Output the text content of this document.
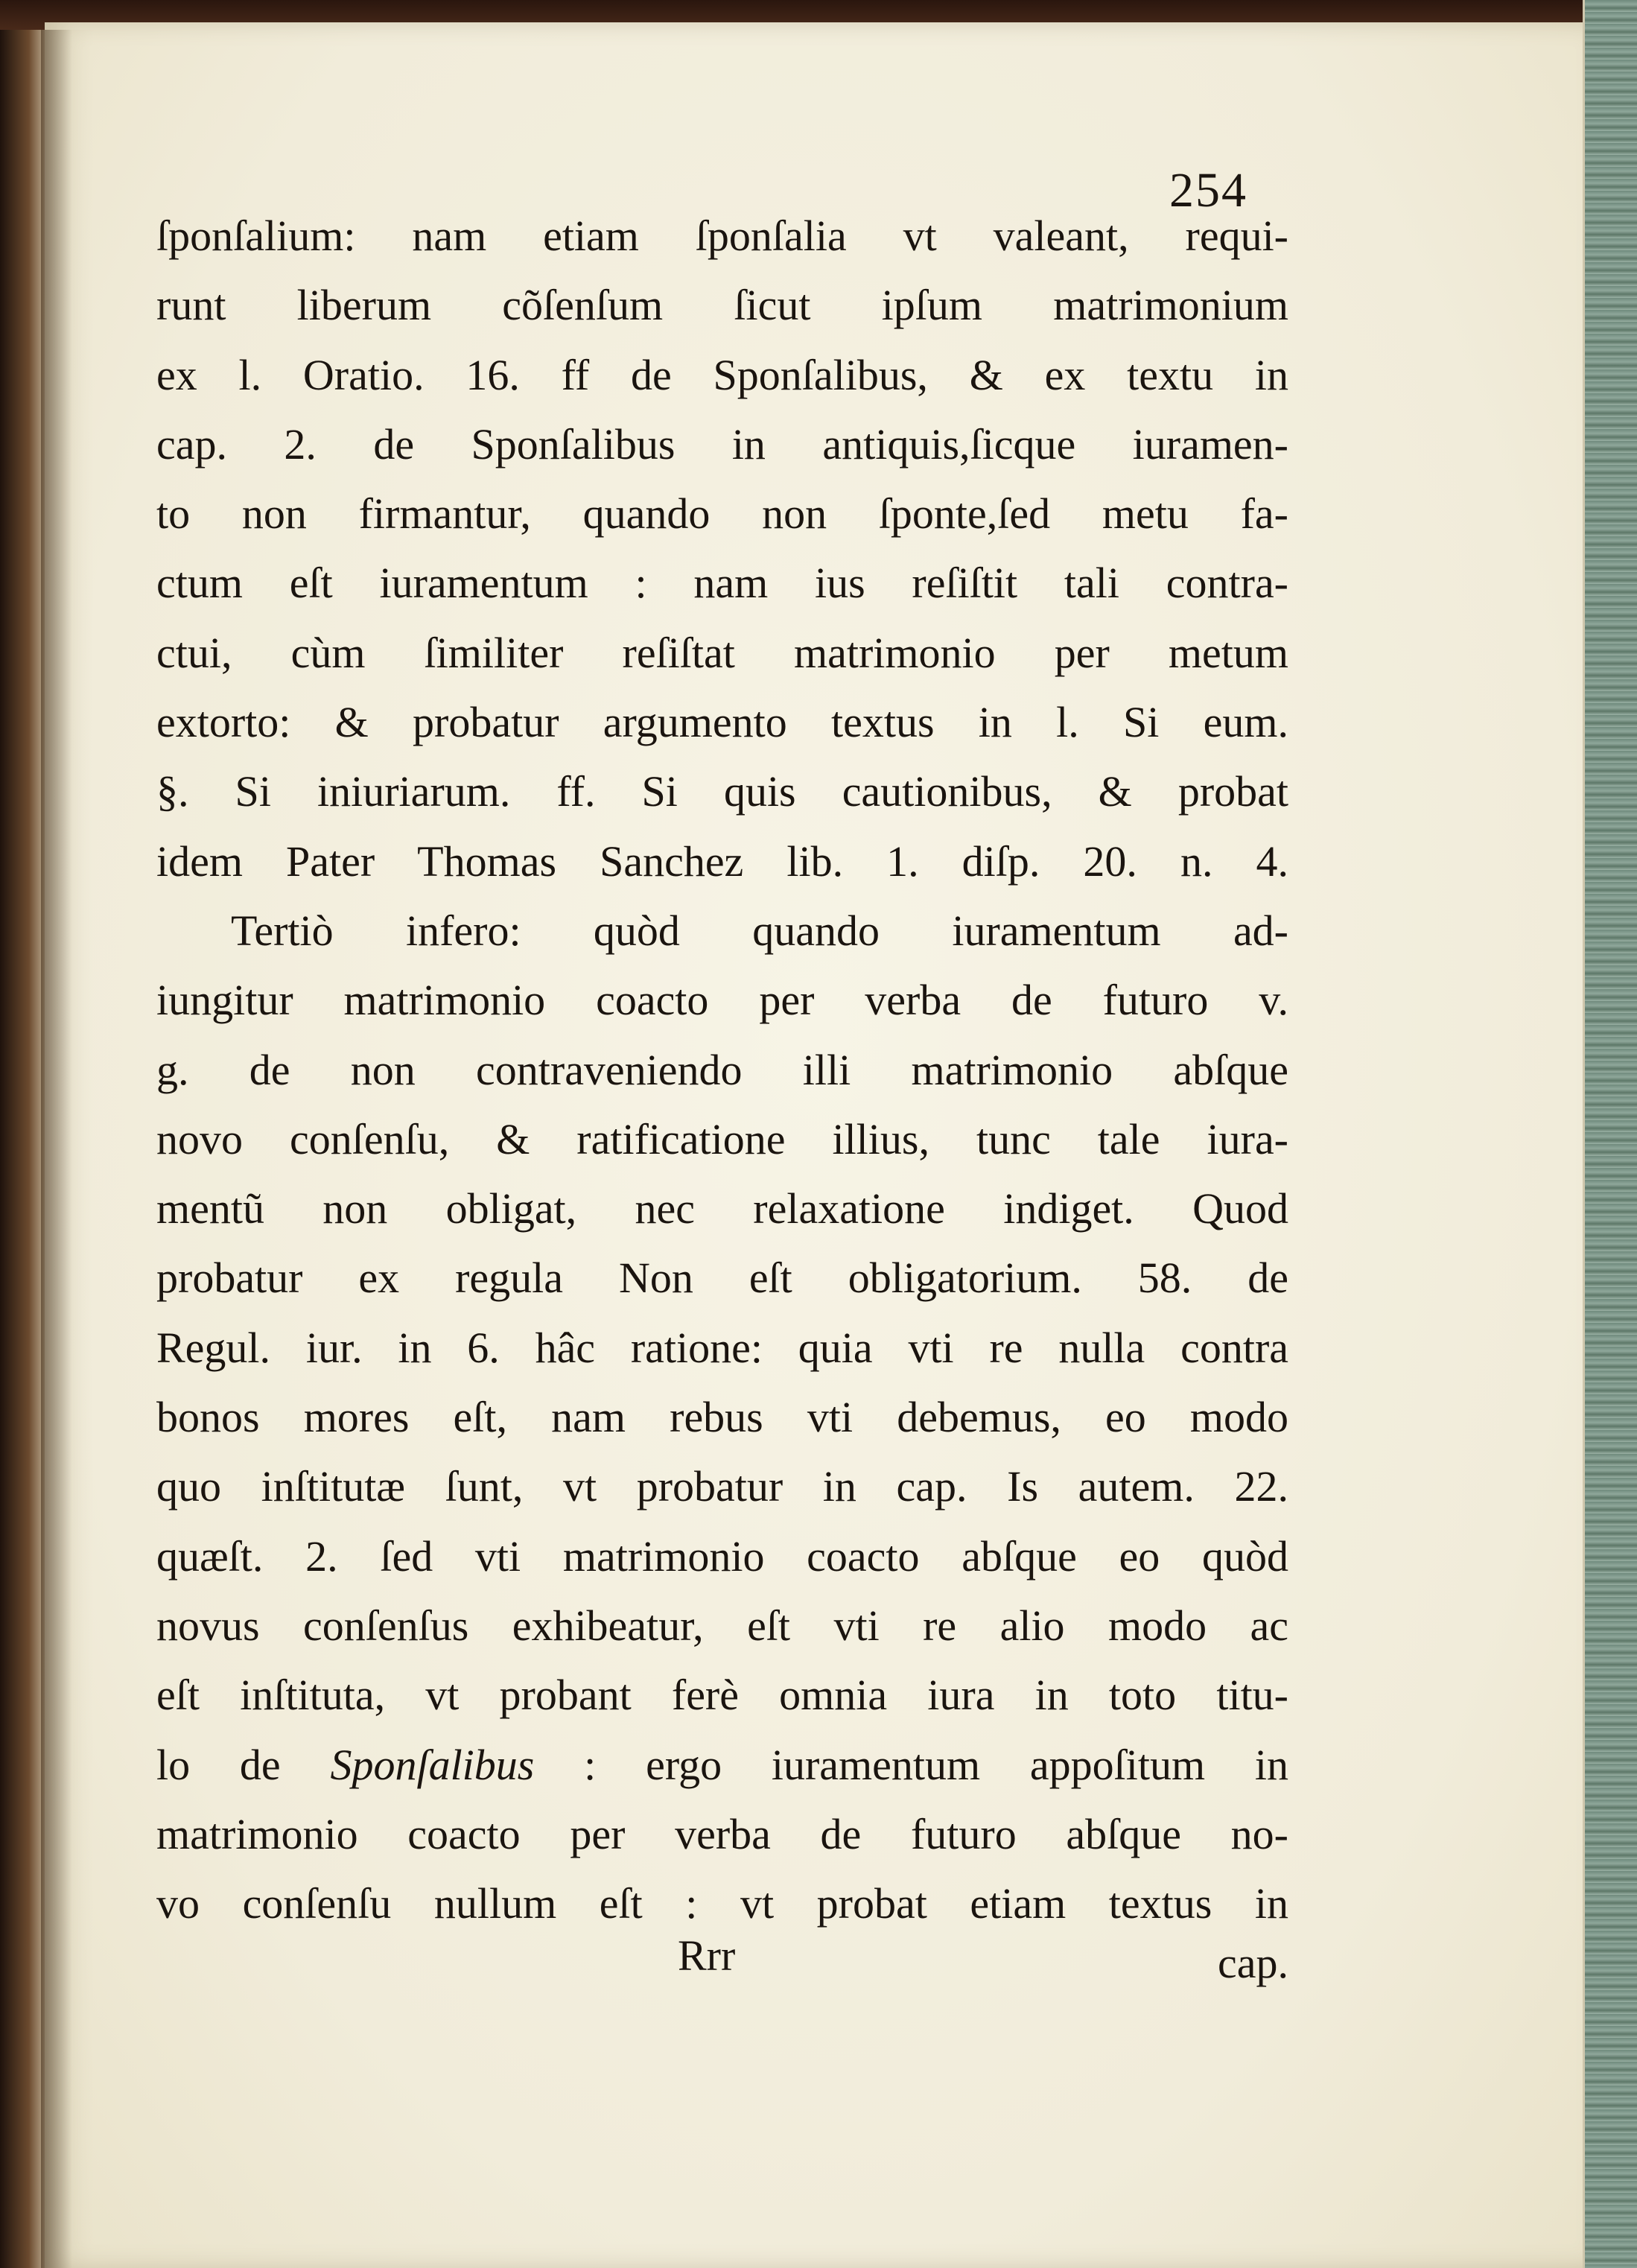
254
ſponſalium: nam etiam ſponſalia vt valeant, requi-
runt liberum cõſenſum ſicut ipſum matrimonium
ex l. Oratio. 16. ff de Sponſalibus, & ex textu in
cap. 2. de Sponſalibus in antiquis,ſicque iuramen-
to non firmantur, quando non ſponte,ſed metu fa-
ctum eſt iuramentum : nam ius reſiſtit tali contra-
ctui, cùm ſimiliter reſiſtat matrimonio per metum
extorto: & probatur argumento textus in l. Si eum.
§. Si iniuriarum. ff. Si quis cautionibus, & probat
idem Pater Thomas Sanchez lib. 1. diſp. 20. n. 4.
Tertiò infero: quòd quando iuramentum ad-
iungitur matrimonio coacto per verba de futuro v.
g. de non contraveniendo illi matrimonio abſque
novo conſenſu, & ratificatione illius, tunc tale iura-
mentũ non obligat, nec relaxatione indiget. Quod
probatur ex regula Non eſt obligatorium. 58. de
Regul. iur. in 6. hâc ratione: quia vti re nulla contra
bonos mores eſt, nam rebus vti debemus, eo modo
quo inſtitutæ ſunt, vt probatur in cap. Is autem. 22.
quæſt. 2. ſed vti matrimonio coacto abſque eo quòd
novus conſenſus exhibeatur, eſt vti re alio modo ac
eſt inſtituta, vt probant ferè omnia iura in toto titu-
lo de Sponſalibus : ergo iuramentum appoſitum in
matrimonio coacto per verba de futuro abſque no-
vo conſenſu nullum eſt : vt probat etiam textus in
Rrr	cap.
